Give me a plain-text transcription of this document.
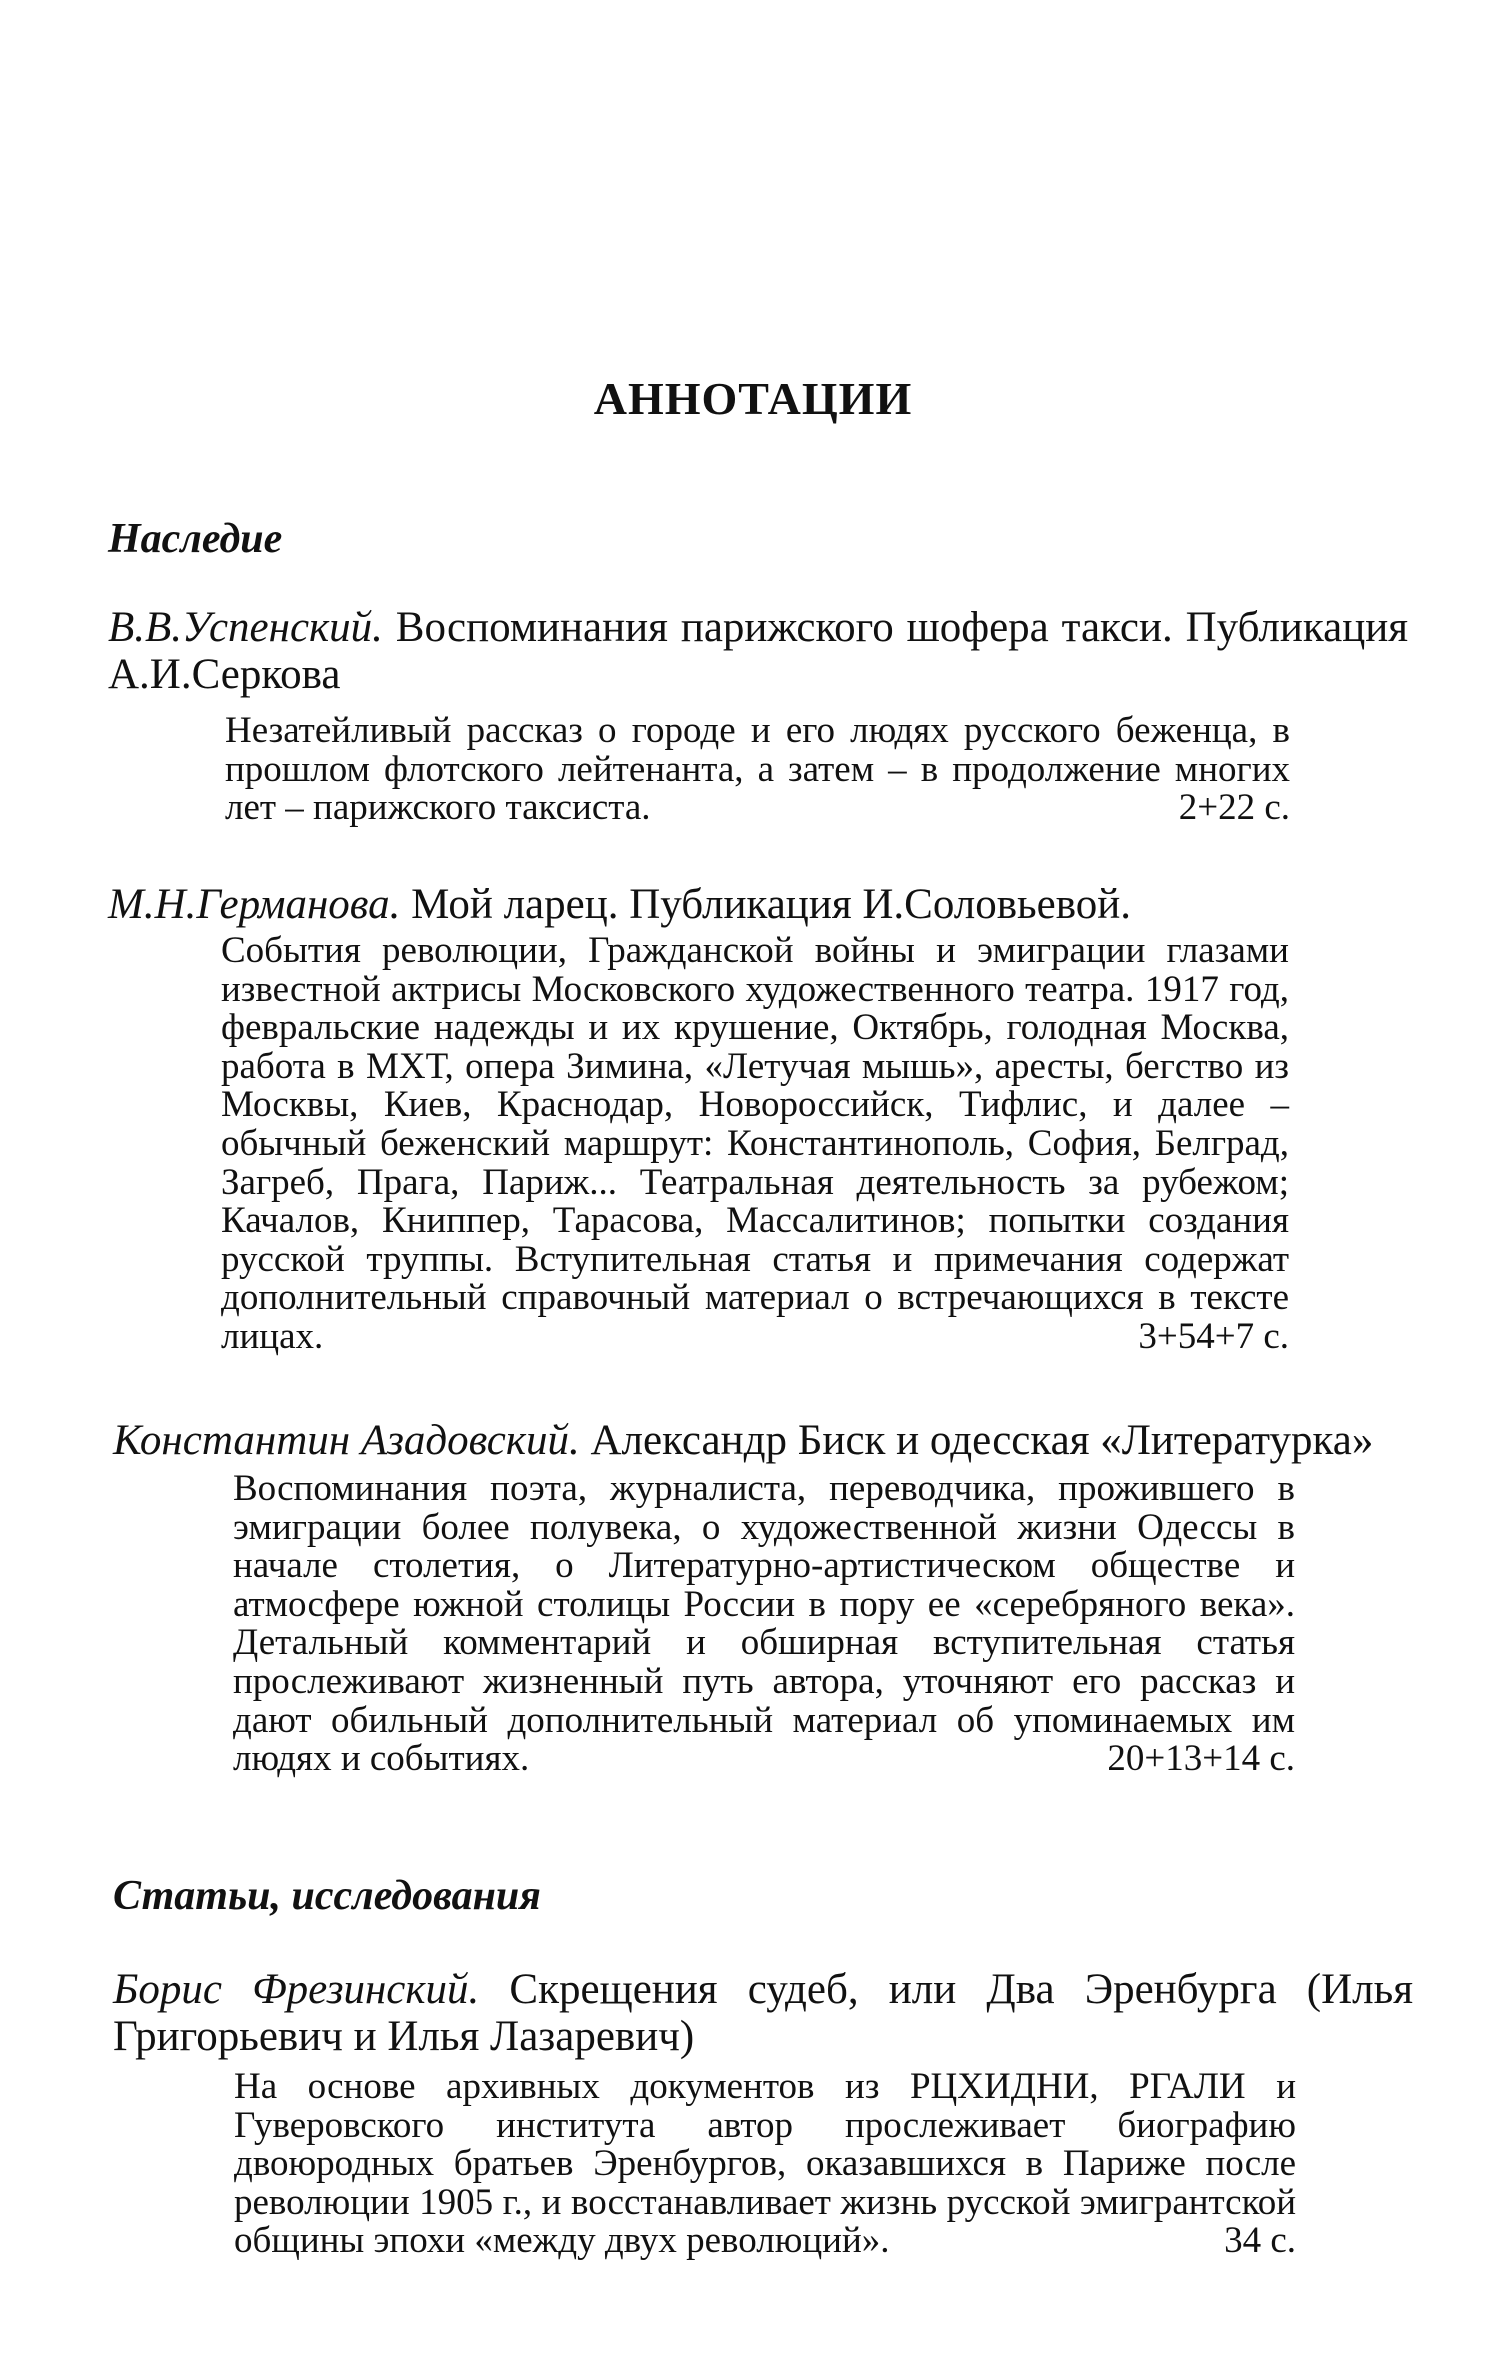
АННОТАЦИИ
Наследие
В.В.Успенский. Воспоминания парижского шофера такси. Публикация А.И.Серкова
Незатейливый рассказ о городе и его людях русского беженца, в прошлом флотского лейтенанта, а затем – в продолжение многих лет – парижского таксиста.	2+22 с.
М.Н.Германова. Мой ларец. Публикация И.Соловьевой.
События революции, Гражданской войны и эмиграции глазами известной актрисы Московского художественного театра. 1917 год, февральские надежды и их крушение, Октябрь, голодная Москва, работа в МХТ, опера Зимина, «Летучая мышь», аресты, бегство из Москвы, Киев, Краснодар, Новороссийск, Тифлис, и далее – обычный беженский маршрут: Константинополь, София, Белград, Загреб, Прага, Париж... Театральная деятельность за рубежом; Качалов, Книппер, Тарасова, Массалитинов; попытки создания русской труппы. Вступительная статья и примечания содержат дополнительный справочный материал о встречающихся в тексте лицах.	3+54+7 с.
Константин Азадовский. Александр Биск и одесская «Литературка»
Воспоминания поэта, журналиста, переводчика, прожившего в эмиграции более полувека, о художественной жизни Одессы в начале столетия, о Литературно-артистическом обществе и атмосфере южной столицы России в пору ее «серебряного века». Детальный комментарий и обширная вступительная статья прослеживают жизненный путь автора, уточняют его рассказ и дают обильный дополнительный материал об упоминаемых им людях и событиях.	20+13+14 с.
Статьи, исследования
Борис Фрезинский. Скрещения судеб, или Два Эренбурга (Илья Григорьевич и Илья Лазаревич)
На основе архивных документов из РЦХИДНИ, РГАЛИ и Гуверовского института автор прослеживает биографию двоюродных братьев Эренбургов, оказавшихся в Париже после революции 1905 г., и восстанавливает жизнь русской эмигрантской общины эпохи «между двух революций».	34 с.
